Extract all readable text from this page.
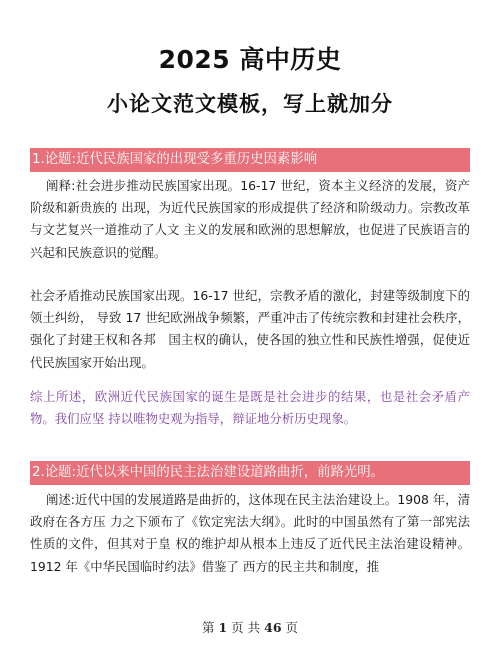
2025 高中历史
小论文范文模板，写上就加分
1.论题:近代民族国家的出现受多重历史因素影响

阐释:社会进步推动民族国家出现。16-17 世纪，资本主义经济的发展，资产阶级和新贵族的 出现，为近代民族国家的形成提供了经济和阶级动力。宗教改革与文艺复兴一道推动了人文 主义的发展和欧洲的思想解放，也促进了民族语言的兴起和民族意识的觉醒。

社会矛盾推动民族国家出现。16-17 世纪，宗教矛盾的激化，封建等级制度下的领土纠纷， 导致 17 世纪欧洲战争频繁，严重冲击了传统宗教和封建社会秩序，强化了封建王权和各邦　国主权的确认，使各国的独立性和民族性增强，促使近代民族国家开始出现。

综上所述，欧洲近代民族国家的诞生是既是社会进步的结果，也是社会矛盾产物。我们应坚 持以唯物史观为指导，辩证地分析历史现象。

2.论题:近代以来中国的民主法治建设道路曲折，前路光明。

阐述:近代中国的发展道路是曲折的，这体现在民主法治建设上。1908 年，清政府在各方压 力之下颁布了《钦定宪法大纲》。此时的中国虽然有了第一部宪法性质的文件，但其对于皇 权的维护却从根本上违反了近代民主法治建设精神。1912 年《中华民国临时约法》借鉴了 西方的民主共和制度，推

第 1 页 共 46 页
